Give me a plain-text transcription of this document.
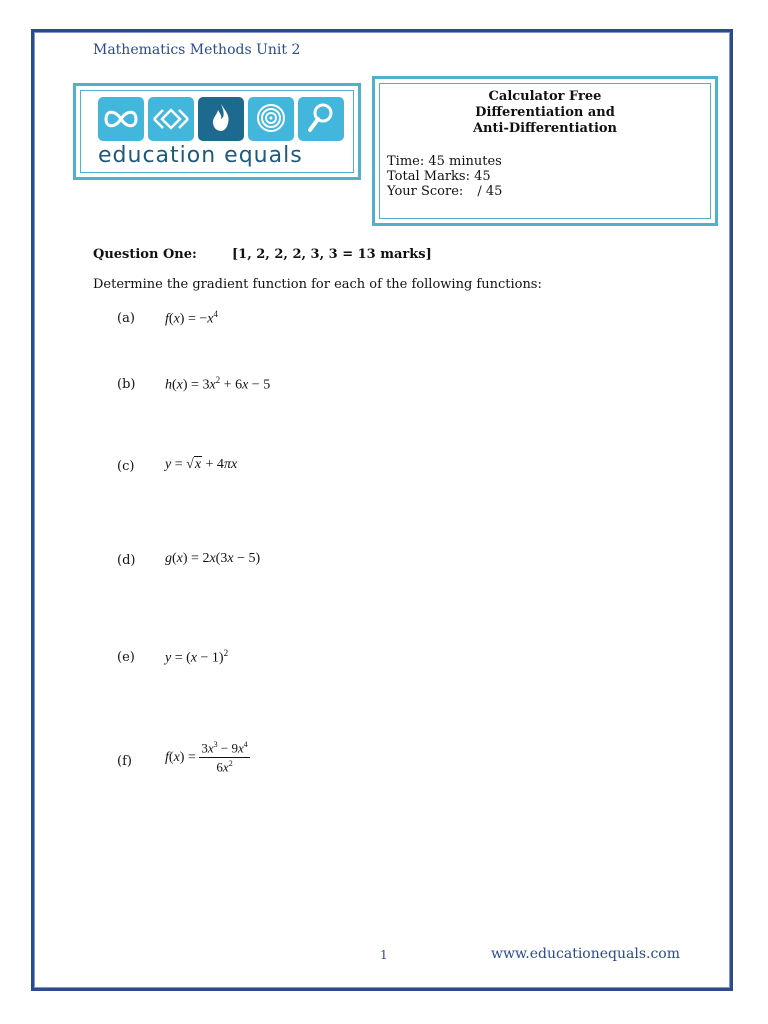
Mathematics Methods Unit 2
education equals
Calculator Free
Differentiation and
Anti-Differentiation
Time: 45 minutes
Total Marks: 45
Your Score: / 45
Question One:	[1, 2, 2, 2, 3, 3 = 13 marks]
Determine the gradient function for each of the following functions:
(a) $f(x) = -x^4$
(b) $h(x) = 3x^2 + 6x - 5$
(c) y = √x + 4πx
(d) g(x) = 2x(3x − 5)
(e) $y = (x - 1)^2$
(f) $f(x) = \frac{3x^3 - 9x^4}{6x^2}$
1	www.educationequals.com
